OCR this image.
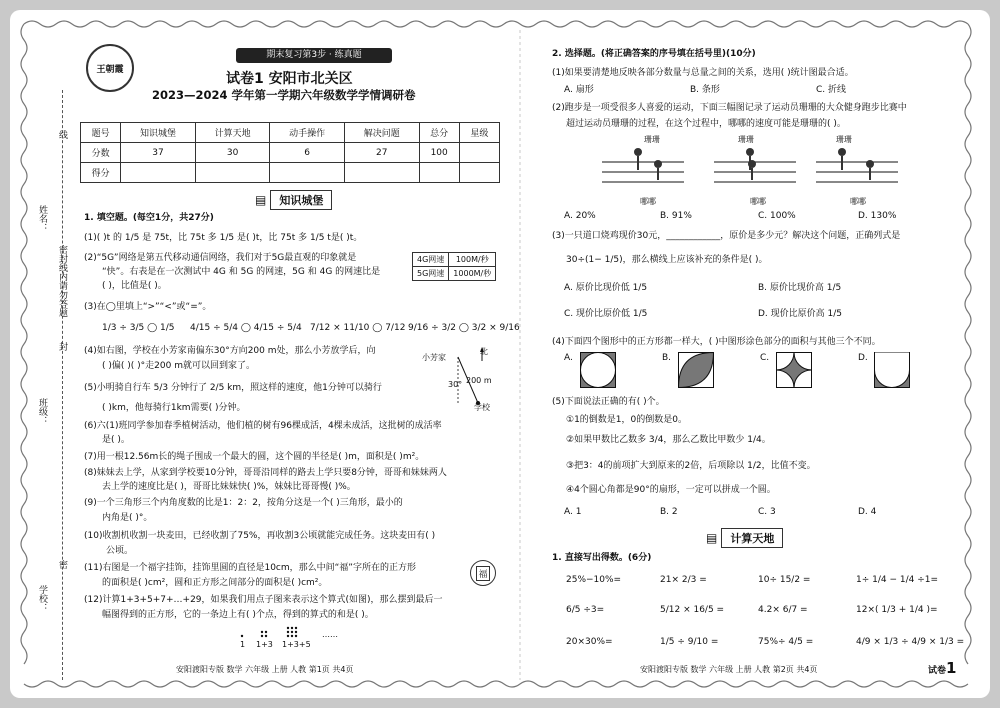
姓名：
班级：
学校：
密封线内请勿答题
线
封
密
王朝霞
期末复习第3步 · 练真题
试卷1 安阳市北关区
2023—2024 学年第一学期六年级数学学情调研卷
题号	知识城堡	计算天地	动手操作	解决问题	总分	星级
分数	37	30	6	27	100	
得分						
▤	知识城堡
1. 填空题。(每空1分，共27分)
(1)( )t 的 1/5 是 75t，比 75t 多 1/5 是( )t，比 75t 多 1/5 t是( )t。
(2)“5G”网络是第五代移动通信网络，我们对于5G最直观的印象就是
“快”。右表是在一次测试中 4G 和 5G 的网速，5G 和 4G 的网速比是
( )，比值是( )。
4G网速	100M/秒
5G网速	1000M/秒
(3)在◯里填上“>”“<”或“=”。
1/3 ÷ 3/5 ◯ 1/5 4/15 ÷ 5/4 ◯ 4/15 ÷ 5/4 7/12 × 11/10 ◯ 7/12 9/16 ÷ 3/2 ◯ 3/2 × 9/16
(4)如右图，学校在小芳家南偏东30°方向200 m处，那么小芳放学后，向
( )偏( )( )°走200 m就可以回到家了。
小芳家
北
200 m
30°
学校
(5)小明骑自行车 5/3 分钟行了 2/5 km，照这样的速度，他1分钟可以骑行
( )km，他每骑行1km需要( )分钟。
(6)六(1)班同学参加春季植树活动，他们植的树有96棵成活，4棵未成活，这批树的成活率
是( )。
(7)用一根12.56m长的绳子围成一个最大的圆，这个圆的半径是( )m，面积是( )m²。
(8)妹妹去上学，从家到学校要10分钟，哥哥沿同样的路去上学只要8分钟，哥哥和妹妹两人
去上学的速度比是( )，哥哥比妹妹快( )%，妹妹比哥哥慢( )%。
(9)一个三角形三个内角度数的比是1：2：2，按角分这是一个( )三角形，最小的
内角是( )°。
(10)收割机收割一块麦田，已经收割了75%，再收割3公顷就能完成任务。这块麦田有( )
公顷。
(11)右图是一个福字挂饰，挂饰里圆的直径是10cm，那么中间“福”字所在的正方形
的面积是( )cm²，圆和正方形之间部分的面积是( )cm²。
福
(12)计算1+3+5+7+…+29，如果我们用点子图来表示这个算式(如图)，那么摆到最后一
幅图得到的正方形，它的一条边上有( )个点，得到的算式的和是( )。
1 1+3 1+3+5
……
安阳渡阳专版 数学 六年级 上册 人教 第1页 共4页
2. 选择题。(将正确答案的序号填在括号里)(10分)
(1)如果要清楚地反映各部分数量与总量之间的关系，选用( )统计图最合适。
A. 扇形	B. 条形	C. 折线
(2)跑步是一项受很多人喜爱的运动，下面三幅图记录了运动员珊珊的大众健身跑步比赛中
超过运动员珊珊的过程，在这个过程中，哪哪的速度可能是珊珊的( )。
珊珊	珊珊	珊珊
哪哪	哪哪	哪哪
A. 20%	B. 91%	C. 100%	D. 130%
(3)一只道口烧鸡现价30元，____________，原价是多少元？解决这个问题，正确列式是
30÷(1− 1/5)，那么横线上应该补充的条件是( )。
A. 原价比现价低 1/5	B. 原价比现价高 1/5
C. 现价比原价低 1/5	D. 现价比原价高 1/5
(4)下面四个图形中的正方形都一样大，( )中图形涂色部分的面积与其他三个不同。
A.	B.	C.	D.
(5)下面说法正确的有( )个。
①1的倒数是1，0的倒数是0。
②如果甲数比乙数多 3/4，那么乙数比甲数少 1/4。
③把3：4的前项扩大到原来的2倍，后项除以 1/2，比值不变。
④4个圆心角都是90°的扇形，一定可以拼成一个圆。
A. 1	B. 2	C. 3	D. 4
▤	计算天地
1. 直接写出得数。(6分)
25%−10%=	21× 2/3 =	10÷ 15/2 =	1÷ 1/4 − 1/4 ÷1=
6/5 ÷3=	5/12 × 16/5 =	4.2× 6/7 =	12×( 1/3 + 1/4 )=
20×30%=	1/5 ÷ 9/10 =	75%÷ 4/5 =	4/9 × 1/3 ÷ 4/9 × 1/3 =
安阳渡阳专版 数学 六年级 上册 人教 第2页 共4页	试卷1
